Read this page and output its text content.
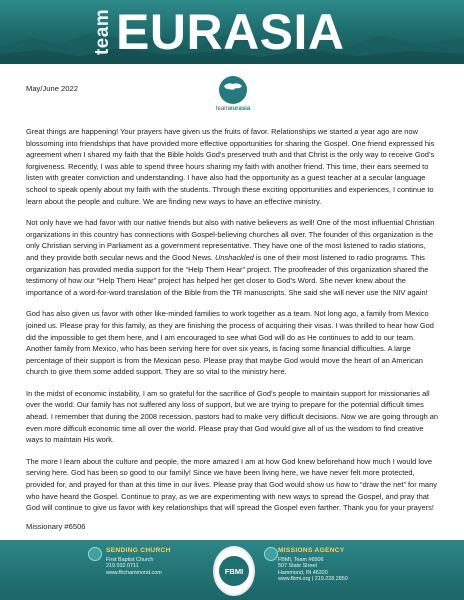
team EURASIA
May/June 2022
teameurasia

Great things are happening! Your prayers have given us the fruits of favor. Relationships we started a year ago are now blossoming into friendships that have provided more effective opportunities for sharing the Gospel. One friend expressed his agreement when I shared my faith that the Bible holds God’s preserved truth and that Christ is the only way to receive God’s forgiveness. Recently, I was able to spend three hours sharing my faith with another friend. This time, their ears seemed to listen with greater conviction and understanding. I have also had the opportunity as a guest teacher at a secular language school to speak openly about my faith with the students. Through these exciting opportunities and experiences, I continue to learn about the people and culture. We are finding new ways to have an effective ministry.

Not only have we had favor with our native friends but also with native believers as well! One of the most influential Christian organizations in this country has connections with Gospel-believing churches all over. The founder of this organization is the only Christian serving in Parliament as a government representative. They have one of the most listened to radio stations, and they provide both secular news and the Good News. Unshackled is one of their most listened to radio programs. This organization has provided media support for the “Help Them Hear” project. The proofreader of this organization shared the testimony of how our “Help Them Hear” project has helped her get closer to God’s Word. She never knew about the importance of a word-for-word translation of the Bible from the TR manuscripts. She said she will never use the NIV again!

God has also given us favor with other like-minded families to work together as a team. Not long ago, a family from Mexico joined us. Please pray for this family, as they are finishing the process of acquiring their visas. I was thrilled to hear how God did the impossible to get them here, and I am encouraged to see what God will do as He continues to add to our team. Another family from Mexico, who has been serving here for over six years, is facing some financial difficulties. A large percentage of their support is from the Mexican peso. Please pray that maybe God would move the heart of an American church to give them some added support. They are so vital to the ministry here.

In the midst of economic instability, I am so grateful for the sacrifice of God’s people to maintain support for missionaries all over the world. Our family has not suffered any loss of support, but we are trying to prepare for the potential difficult times ahead. I remember that during the 2008 recession, pastors had to make very difficult decisions. Now we are going through an even more difficult economic time all over the world. Please pray that God would give all of us the wisdom to find creative ways to maintain His work.

The more I learn about the culture and people, the more amazed I am at how God knew beforehand how much I would love serving here. God has been so good to our family! Since we have been living here, we have never felt more protected, provided for, and prayed for than at this time in our lives. Please pray that God would show us how to “draw the net” for many who have heard the Gospel. Continue to pray, as we are experimenting with new ways to spread the Gospel, and pray that God will continue to give us favor with key relationships that will spread the Gospel even farther. Thank you for your prayers!

Missionary #6506
SENDING CHURCH
First Baptist Church
219.932.0711
www.fbchammond.com	FBMI
MISSIONS AGENCY
FBMI, Team #6506
507 State Street
Hammond, IN 46320
www.fbmi.org | 219.228.2850
